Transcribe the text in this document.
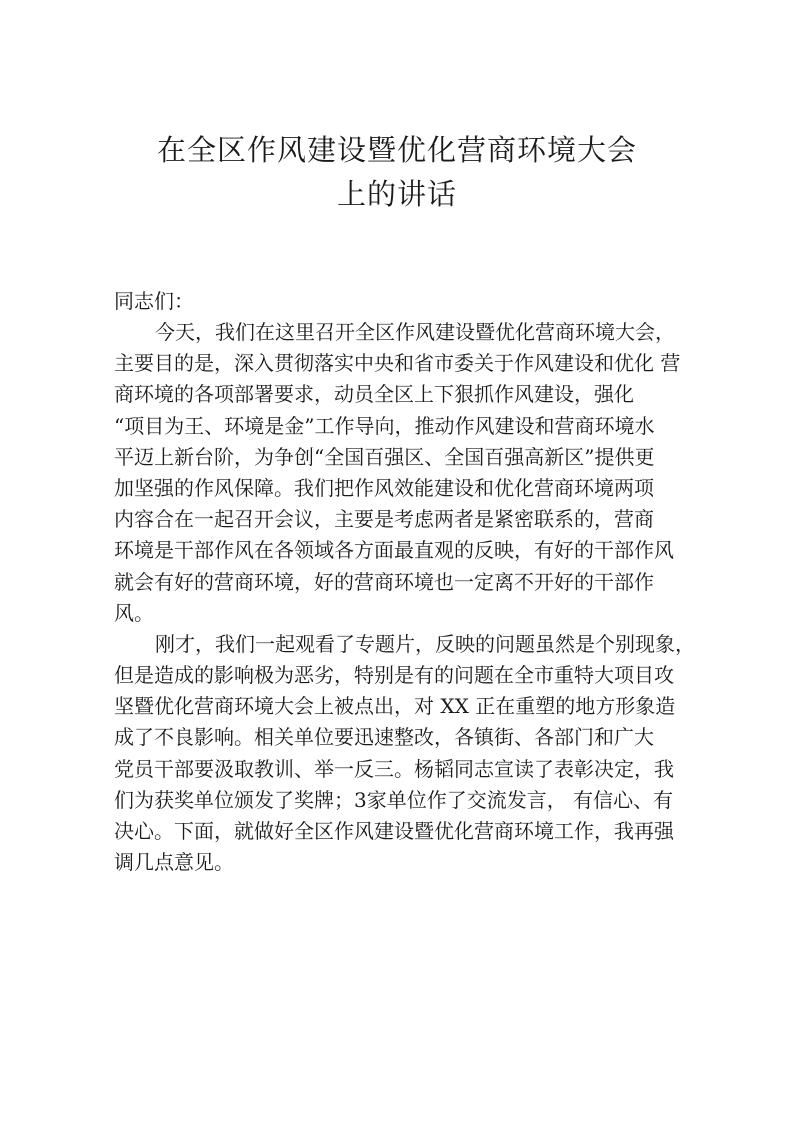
在全区作风建设暨优化营商环境大会

上的讲话

同志们：

今天，我们在这里召开全区作风建设暨优化营商环境大会，
主要目的是，深入贯彻落实中央和省市委关于作风建设和优化 营
商环境的各项部署要求，动员全区上下狠抓作风建设，强化
“项目为王、环境是金”工作导向，推动作风建设和营商环境水
平迈上新台阶，为争创“全国百强区、全国百强高新区”提供更
加坚强的作风保障。我们把作风效能建设和优化营商环境两项
内容合在一起召开会议，主要是考虑两者是紧密联系的，营商
环境是干部作风在各领域各方面最直观的反映，有好的干部作风
就会有好的营商环境，好的营商环境也一定离不开好的干部作
风。
刚才，我们一起观看了专题片，反映的问题虽然是个别现象，
但是造成的影响极为恶劣，特别是有的问题在全市重特大项目攻
坚暨优化营商环境大会上被点出，对 XX 正在重塑的地方形象造
成了不良影响。相关单位要迅速整改，各镇街、各部门和广大
党员干部要汲取教训、举一反三。杨韬同志宣读了表彰决定，我
们为获奖单位颁发了奖牌；3家单位作了交流发言， 有信心、有
决心。下面，就做好全区作风建设暨优化营商环境工作，我再强
调几点意见。
